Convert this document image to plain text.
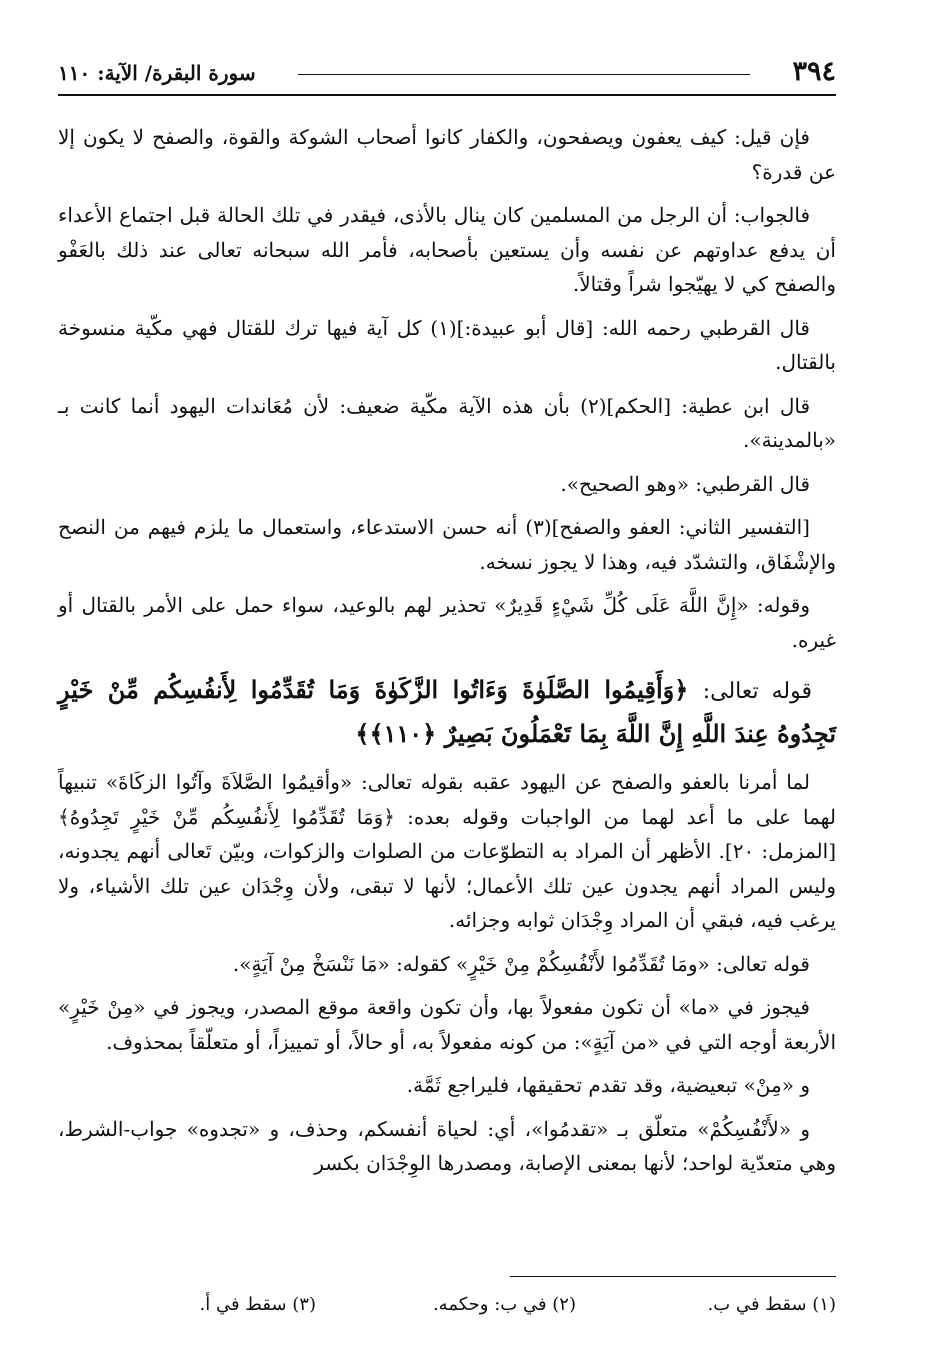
٣٩٤
سورة البقرة/ الآية: ١١٠

فإن قيل: كيف يعفون ويصفحون، والكفار كانوا أصحاب الشوكة والقوة، والصفح لا يكون إلا عن قدرة؟

فالجواب: أن الرجل من المسلمين كان ينال بالأذى، فيقدر في تلك الحالة قبل اجتماع الأعداء أن يدفع عداوتهم عن نفسه وأن يستعين بأصحابه، فأمر الله سبحانه تعالى عند ذلك بالعَفْو والصفح كي لا يهيّجوا شراً وقتالاً.

قال القرطبي رحمه الله: [قال أبو عبيدة:](١) كل آية فيها ترك للقتال فهي مكّية منسوخة بالقتال.

قال ابن عطية: [الحكم](٢) بأن هذه الآية مكّية ضعيف: لأن مُعَاندات اليهود أنما كانت بـ «بالمدينة».

قال القرطبي: «وهو الصحيح».

[التفسير الثاني: العفو والصفح](٣) أنه حسن الاستدعاء، واستعمال ما يلزم فيهم من النصح والإشْفَاق، والتشدّد فيه، وهذا لا يجوز نسخه.

وقوله: «إِنَّ اللَّهَ عَلَى كُلِّ شَيْءٍ قَدِيرٌ» تحذير لهم بالوعيد، سواء حمل على الأمر بالقتال أو غيره.

قوله تعالى: ﴿وَأَقِيمُوا الصَّلَوٰةَ وَءَاتُوا الزَّكَوٰةَ وَمَا تُقَدِّمُوا لِأَنفُسِكُم مِّنْ خَيْرٍ تَجِدُوهُ عِندَ اللَّهِ إِنَّ اللَّهَ بِمَا تَعْمَلُونَ بَصِيرٌ ﴿١١٠﴾﴾

لما أمرنا بالعفو والصفح عن اليهود عقبه بقوله تعالى: «وأقيمُوا الصَّلاَةَ وآتُوا الزكَاةَ» تنبيهاً لهما على ما أعد لهما من الواجبات وقوله بعده: ﴿وَمَا تُقَدِّمُوا لِأَنفُسِكُم مِّنْ خَيْرٍ تَجِدُوهُ﴾ [المزمل: ٢٠]. الأظهر أن المراد به التطوّعات من الصلوات والزكوات، وبيّن تَعالى أنهم يجدونه، وليس المراد أنهم يجدون عين تلك الأعمال؛ لأنها لا تبقى، ولأن وِجْدَان عين تلك الأشياء، ولا يرغب فيه، فبقي أن المراد وِجْدَان ثوابه وجزائه.

قوله تعالى: «ومَا تُقَدِّمُوا لأَنْفُسِكُمْ مِنْ خَيْرٍ» كقوله: «مَا نَنْسَخْ مِنْ آيَةٍ».

فيجوز في «ما» أن تكون مفعولاً بها، وأن تكون واقعة موقع المصدر، ويجوز في «مِنْ خَيْرٍ» الأربعة أوجه التي في «من آيَةٍ»: من كونه مفعولاً به، أو حالاً، أو تمييزاً، أو متعلّقاً بمحذوف.

و «مِنْ» تبعيضية، وقد تقدم تحقيقها، فليراجع ثَمَّة.

و «لأَنْفُسِكُمْ» متعلّق بـ «تقدمُوا»، أي: لحياة أنفسكم، وحذف، و «تجدوه» جواب-الشرط، وهي متعدّية لواحد؛ لأنها بمعنى الإصابة، ومصدرها الوِجْدَان بكسر

(١) سقط في ب.
(٢) في ب: وحكمه.
(٣) سقط في أ.
